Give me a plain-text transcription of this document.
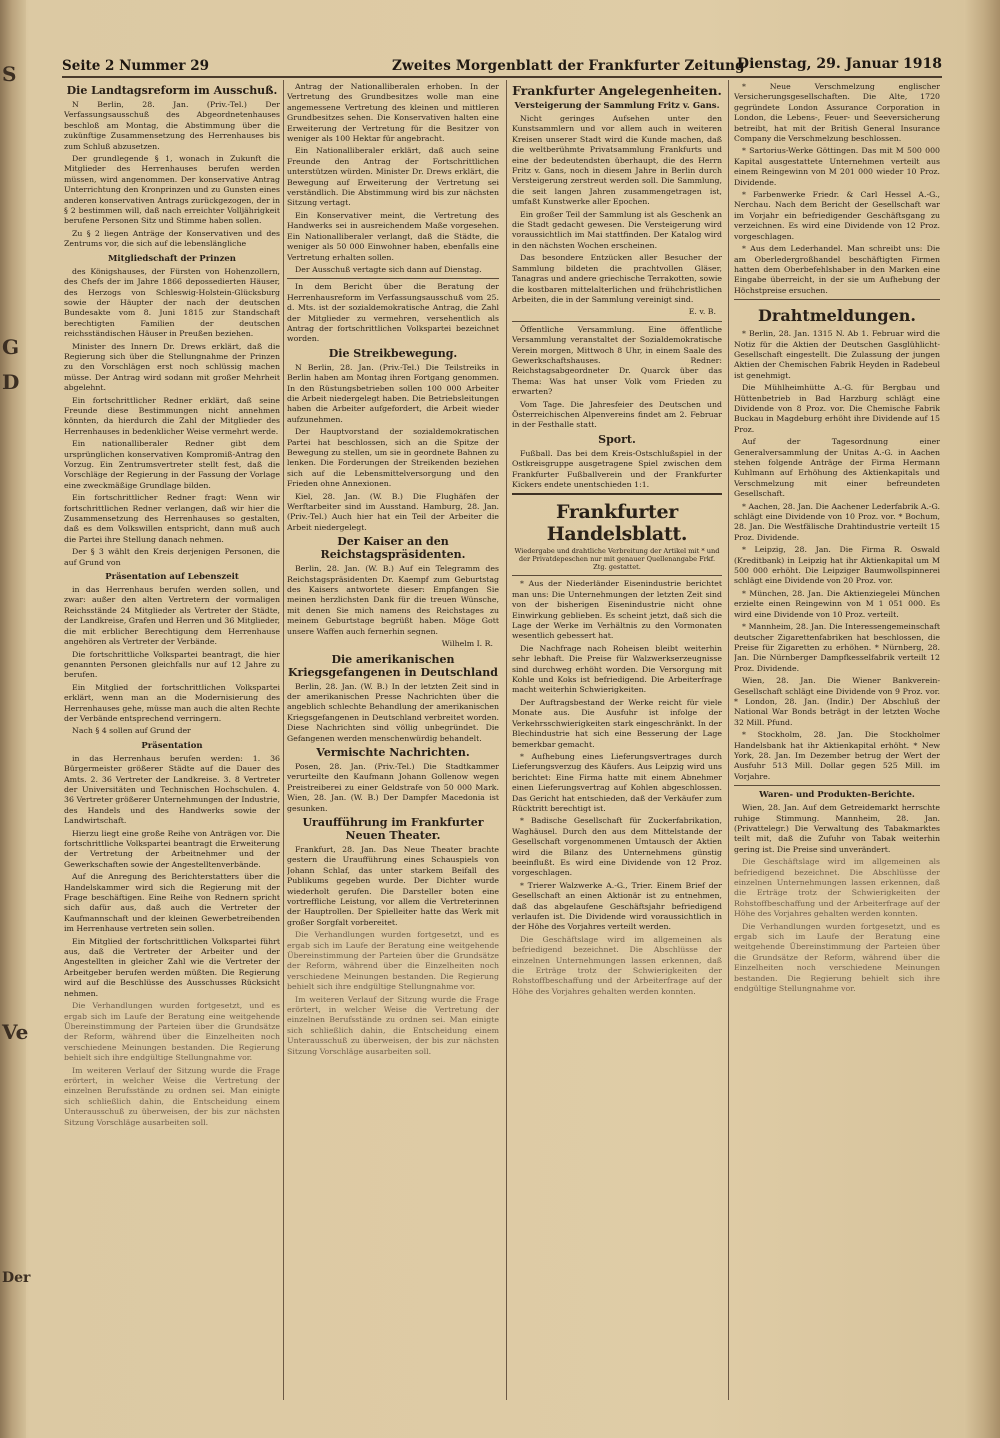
S
G
D
Ve
Der
Seite 2 Nummer 29	Zweites Morgenblatt der Frankfurter Zeitung
Dienstag, 29. Januar 1918
Die Landtagsreform im Ausschuß.

N Berlin, 28. Jan. (Priv.-Tel.) Der Verfassungsausschuß des Abgeordnetenhauses beschloß am Montag, die Abstimmung über die zukünftige Zusammensetzung des Herrenhauses bis zum Schluß abzusetzen.

Der grundlegende § 1, wonach in Zukunft die Mitglieder des Herrenhauses berufen werden müssen, wird angenommen. Der konservative Antrag Unterrichtung den Kronprinzen und zu Gunsten eines anderen konservativen Antrags zurückgezogen, der in § 2 bestimmen will, daß nach erreichter Volljährigkeit berufene Personen Sitz und Stimme haben sollen.

Zu § 2 liegen Anträge der Konservativen und des Zentrums vor, die sich auf die lebenslängliche

Mitgliedschaft der Prinzen

des Königshauses, der Fürsten von Hohenzollern, des Chefs der im Jahre 1866 depossedierten Häuser, des Herzogs von Schleswig-Holstein-Glücksburg sowie der Häupter der nach der deutschen Bundesakte vom 8. Juni 1815 zur Standschaft berechtigten Familien der deutschen reichsständischen Häuser in Preußen beziehen.

Minister des Innern Dr. Drews erklärt, daß die Regierung sich über die Stellungnahme der Prinzen zu den Vorschlägen erst noch schlüssig machen müsse. Der Antrag wird sodann mit großer Mehrheit abgelehnt.

Ein fortschrittlicher Redner erklärt, daß seine Freunde diese Bestimmungen nicht annehmen könnten, da hierdurch die Zahl der Mitglieder des Herrenhauses in bedenklicher Weise vermehrt werde.

Ein nationalliberaler Redner gibt dem ursprünglichen konservativen Kompromiß-Antrag den Vorzug. Ein Zentrumsvertreter stellt fest, daß die Vorschläge der Regierung in der Fassung der Vorlage eine zweckmäßige Grundlage bilden.

Ein fortschrittlicher Redner fragt: Wenn wir fortschrittlichen Redner verlangen, daß wir hier die Zusammensetzung des Herrenhauses so gestalten, daß es dem Volkswillen entspricht, dann muß auch die Partei ihre Stellung danach nehmen.

Der § 3 wählt den Kreis derjenigen Personen, die auf Grund von

Präsentation auf Lebenszeit

in das Herrenhaus berufen werden sollen, und zwar: außer den alten Vertretern der vormaligen Reichsstände 24 Mitglieder als Vertreter der Städte, der Landkreise, Grafen und Herren und 36 Mitglieder, die mit erblicher Berechtigung dem Herrenhause angehören als Vertreter der Verbände.

Die fortschrittliche Volkspartei beantragt, die hier genannten Personen gleichfalls nur auf 12 Jahre zu berufen.

Ein Mitglied der fortschrittlichen Volkspartei erklärt, wenn man an die Modernisierung des Herrenhauses gehe, müsse man auch die alten Rechte der Verbände entsprechend verringern.

Nach § 4 sollen auf Grund der

Präsentation

in das Herrenhaus berufen werden: 1. 36 Bürgermeister größerer Städte auf die Dauer des Amts. 2. 36 Vertreter der Landkreise. 3. 8 Vertreter der Universitäten und Technischen Hochschulen. 4. 36 Vertreter größerer Unternehmungen der Industrie, des Handels und des Handwerks sowie der Landwirtschaft.

Hierzu liegt eine große Reihe von Anträgen vor. Die fortschrittliche Volkspartei beantragt die Erweiterung der Vertretung der Arbeitnehmer und der Gewerkschaften sowie der Angestelltenverbände.

Auf die Anregung des Berichterstatters über die Handelskammer wird sich die Regierung mit der Frage beschäftigen. Eine Reihe von Rednern spricht sich dafür aus, daß auch die Vertreter der Kaufmannschaft und der kleinen Gewerbetreibenden im Herrenhause vertreten sein sollen.

Ein Mitglied der fortschrittlichen Volkspartei führt aus, daß die Vertreter der Arbeiter und der Angestellten in gleicher Zahl wie die Vertreter der Arbeitgeber berufen werden müßten. Die Regierung wird auf die Beschlüsse des Ausschusses Rücksicht nehmen.

Die Verhandlungen wurden fortgesetzt, und es ergab sich im Laufe der Beratung eine weitgehende Übereinstimmung der Parteien über die Grundsätze der Reform, während über die Einzelheiten noch verschiedene Meinungen bestanden. Die Regierung behielt sich ihre endgültige Stellungnahme vor.

Im weiteren Verlauf der Sitzung wurde die Frage erörtert, in welcher Weise die Vertretung der einzelnen Berufsstände zu ordnen sei. Man einigte sich schließlich dahin, die Entscheidung einem Unterausschuß zu überweisen, der bis zur nächsten Sitzung Vorschläge ausarbeiten soll.

Antrag der Nationalliberalen erhoben. In der Vertretung des Grundbesitzes wolle man eine angemessene Vertretung des kleinen und mittleren Grundbesitzes sehen. Die Konservativen halten eine Erweiterung der Vertretung für die Besitzer von weniger als 100 Hektar für angebracht.

Ein Nationalliberaler erklärt, daß auch seine Freunde den Antrag der Fortschrittlichen unterstützen würden. Minister Dr. Drews erklärt, die Bewegung auf Erweiterung der Vertretung sei verständlich. Die Abstimmung wird bis zur nächsten Sitzung vertagt.

Ein Konservativer meint, die Vertretung des Handwerks sei in ausreichendem Maße vorgesehen. Ein Nationalliberaler verlangt, daß die Städte, die weniger als 50 000 Einwohner haben, ebenfalls eine Vertretung erhalten sollen.

Der Ausschuß vertagte sich dann auf Dienstag.

In dem Bericht über die Beratung der Herrenhausreform im Verfassungsausschuß vom 25. d. Mts. ist der sozialdemokratische Antrag, die Zahl der Mitglieder zu vermehren, versehentlich als Antrag der fortschrittlichen Volkspartei bezeichnet worden.

Die Streikbewegung.

N Berlin, 28. Jan. (Priv.-Tel.) Die Teilstreiks in Berlin haben am Montag ihren Fortgang genommen. In den Rüstungsbetrieben sollen 100 000 Arbeiter die Arbeit niedergelegt haben. Die Betriebsleitungen haben die Arbeiter aufgefordert, die Arbeit wieder aufzunehmen.

Der Hauptvorstand der sozialdemokratischen Partei hat beschlossen, sich an die Spitze der Bewegung zu stellen, um sie in geordnete Bahnen zu lenken. Die Forderungen der Streikenden beziehen sich auf die Lebensmittelversorgung und den Frieden ohne Annexionen.

Kiel, 28. Jan. (W. B.) Die Flughäfen der Werftarbeiter sind im Ausstand. Hamburg, 28. Jan. (Priv.-Tel.) Auch hier hat ein Teil der Arbeiter die Arbeit niedergelegt.

Der Kaiser an den Reichstagspräsidenten.

Berlin, 28. Jan. (W. B.) Auf ein Telegramm des Reichstagspräsidenten Dr. Kaempf zum Geburtstag des Kaisers antwortete dieser: Empfangen Sie meinen herzlichsten Dank für die treuen Wünsche, mit denen Sie mich namens des Reichstages zu meinem Geburtstage begrüßt haben. Möge Gott unsere Waffen auch fernerhin segnen.

Wilhelm I. R.
Die amerikanischen Kriegsgefangenen in Deutschland

Berlin, 28. Jan. (W. B.) In der letzten Zeit sind in der amerikanischen Presse Nachrichten über die angeblich schlechte Behandlung der amerikanischen Kriegsgefangenen in Deutschland verbreitet worden. Diese Nachrichten sind völlig unbegründet. Die Gefangenen werden menschenwürdig behandelt.

Vermischte Nachrichten.

Posen, 28. Jan. (Priv.-Tel.) Die Stadtkammer verurteilte den Kaufmann Johann Gollenow wegen Preistreiberei zu einer Geldstrafe von 50 000 Mark. Wien, 28. Jan. (W. B.) Der Dampfer Macedonia ist gesunken.

Uraufführung im Frankfurter Neuen Theater.

Frankfurt, 28. Jan. Das Neue Theater brachte gestern die Uraufführung eines Schauspiels von Johann Schlaf, das unter starkem Beifall des Publikums gegeben wurde. Der Dichter wurde wiederholt gerufen. Die Darsteller boten eine vortreffliche Leistung, vor allem die Vertreterinnen der Hauptrollen. Der Spielleiter hatte das Werk mit großer Sorgfalt vorbereitet.

Die Verhandlungen wurden fortgesetzt, und es ergab sich im Laufe der Beratung eine weitgehende Übereinstimmung der Parteien über die Grundsätze der Reform, während über die Einzelheiten noch verschiedene Meinungen bestanden. Die Regierung behielt sich ihre endgültige Stellungnahme vor.

Im weiteren Verlauf der Sitzung wurde die Frage erörtert, in welcher Weise die Vertretung der einzelnen Berufsstände zu ordnen sei. Man einigte sich schließlich dahin, die Entscheidung einem Unterausschuß zu überweisen, der bis zur nächsten Sitzung Vorschläge ausarbeiten soll.

Frankfurter Angelegenheiten.
Versteigerung der Sammlung Fritz v. Gans.

Nicht geringes Aufsehen unter den Kunstsammlern und vor allem auch in weiteren Kreisen unserer Stadt wird die Kunde machen, daß die weltberühmte Privatsammlung Frankfurts und eine der bedeutendsten überhaupt, die des Herrn Fritz v. Gans, noch in diesem Jahre in Berlin durch Versteigerung zerstreut werden soll. Die Sammlung, die seit langen Jahren zusammengetragen ist, umfaßt Kunstwerke aller Epochen.

Ein großer Teil der Sammlung ist als Geschenk an die Stadt gedacht gewesen. Die Versteigerung wird voraussichtlich im Mai stattfinden. Der Katalog wird in den nächsten Wochen erscheinen.

Das besondere Entzücken aller Besucher der Sammlung bildeten die prachtvollen Gläser, Tanagras und andere griechische Terrakotten, sowie die kostbaren mittelalterlichen und frühchristlichen Arbeiten, die in der Sammlung vereinigt sind.

E. v. B.

Öffentliche Versammlung. Eine öffentliche Versammlung veranstaltet der Sozialdemokratische Verein morgen, Mittwoch 8 Uhr, in einem Saale des Gewerkschaftshauses. Redner: Reichstagsabgeordneter Dr. Quarck über das Thema: Was hat unser Volk vom Frieden zu erwarten?

Vom Tage. Die Jahresfeier des Deutschen und Österreichischen Alpenvereins findet am 2. Februar in der Festhalle statt.

Sport.

Fußball. Das bei dem Kreis-Ostschlußspiel in der Ostkreisgruppe ausgetragene Spiel zwischen dem Frankfurter Fußballverein und der Frankfurter Kickers endete unentschieden 1:1.

Frankfurter Handelsblatt.
Wiedergabe und drahtliche Verbreitung der Artikel mit * und der Privatdepeschen nur mit genauer Quellenangabe Frkf. Ztg. gestattet.

* Aus der Niederländer Eisenindustrie berichtet man uns: Die Unternehmungen der letzten Zeit sind von der bisherigen Eisenindustrie nicht ohne Einwirkung geblieben. Es scheint jetzt, daß sich die Lage der Werke im Verhältnis zu den Vormonaten wesentlich gebessert hat.

Die Nachfrage nach Roheisen bleibt weiterhin sehr lebhaft. Die Preise für Walzwerkserzeugnisse sind durchweg erhöht worden. Die Versorgung mit Kohle und Koks ist befriedigend. Die Arbeiterfrage macht weiterhin Schwierigkeiten.

Der Auftragsbestand der Werke reicht für viele Monate aus. Die Ausfuhr ist infolge der Verkehrsschwierigkeiten stark eingeschränkt. In der Blechindustrie hat sich eine Besserung der Lage bemerkbar gemacht.

* Aufhebung eines Lieferungsvertrages durch Lieferungsverzug des Käufers. Aus Leipzig wird uns berichtet: Eine Firma hatte mit einem Abnehmer einen Lieferungsvertrag auf Kohlen abgeschlossen. Das Gericht hat entschieden, daß der Verkäufer zum Rücktritt berechtigt ist.

* Badische Gesellschaft für Zuckerfabrikation, Waghäusel. Durch den aus dem Mittelstande der Gesellschaft vorgenommenen Umtausch der Aktien wird die Bilanz des Unternehmens günstig beeinflußt. Es wird eine Dividende von 12 Proz. vorgeschlagen.

* Trierer Walzwerke A.-G., Trier. Einem Brief der Gesellschaft an einen Aktionär ist zu entnehmen, daß das abgelaufene Geschäftsjahr befriedigend verlaufen ist. Die Dividende wird voraussichtlich in der Höhe des Vorjahres verteilt werden.

Die Geschäftslage wird im allgemeinen als befriedigend bezeichnet. Die Abschlüsse der einzelnen Unternehmungen lassen erkennen, daß die Erträge trotz der Schwierigkeiten der Rohstoffbeschaffung und der Arbeiterfrage auf der Höhe des Vorjahres gehalten werden konnten.

* Neue Verschmelzung englischer Versicherungsgesellschaften. Die Alte, 1720 gegründete London Assurance Corporation in London, die Lebens-, Feuer- und Seeversicherung betreibt, hat mit der British General Insurance Company die Verschmelzung beschlossen.

* Sartorius-Werke Göttingen. Das mit M 500 000 Kapital ausgestattete Unternehmen verteilt aus einem Reingewinn von M 201 000 wieder 10 Proz. Dividende.

* Farbenwerke Friedr. & Carl Hessel A.-G., Nerchau. Nach dem Bericht der Gesellschaft war im Vorjahr ein befriedigender Geschäftsgang zu verzeichnen. Es wird eine Dividende von 12 Proz. vorgeschlagen.

* Aus dem Lederhandel. Man schreibt uns: Die am Oberledergroßhandel beschäftigten Firmen hatten dem Oberbefehlshaber in den Marken eine Eingabe überreicht, in der sie um Aufhebung der Höchstpreise ersuchen.

Drahtmeldungen.

* Berlin, 28. Jan. 1315 N. Ab 1. Februar wird die Notiz für die Aktien der Deutschen Gasglühlicht-Gesellschaft eingestellt. Die Zulassung der jungen Aktien der Chemischen Fabrik Heyden in Radebeul ist genehmigt.

Die Mühlheimhütte A.-G. für Bergbau und Hüttenbetrieb in Bad Harzburg schlägt eine Dividende von 8 Proz. vor. Die Chemische Fabrik Buckau in Magdeburg erhöht ihre Dividende auf 15 Proz.

Auf der Tagesordnung einer Generalversammlung der Unitas A.-G. in Aachen stehen folgende Anträge der Firma Hermann Kuhlmann auf Erhöhung des Aktienkapitals und Verschmelzung mit einer befreundeten Gesellschaft.

* Aachen, 28. Jan. Die Aachener Lederfabrik A.-G. schlägt eine Dividende von 10 Proz. vor. * Bochum, 28. Jan. Die Westfälische Drahtindustrie verteilt 15 Proz. Dividende.

* Leipzig, 28. Jan. Die Firma R. Oswald (Kreditbank) in Leipzig hat ihr Aktienkapital um M 500 000 erhöht. Die Leipziger Baumwollspinnerei schlägt eine Dividende von 20 Proz. vor.

* München, 28. Jan. Die Aktienziegelei München erzielte einen Reingewinn von M 1 051 000. Es wird eine Dividende von 10 Proz. verteilt.

* Mannheim, 28. Jan. Die Interessengemeinschaft deutscher Zigarettenfabriken hat beschlossen, die Preise für Zigaretten zu erhöhen. * Nürnberg, 28. Jan. Die Nürnberger Dampfkesselfabrik verteilt 12 Proz. Dividende.

Wien, 28. Jan. Die Wiener Bankverein-Gesellschaft schlägt eine Dividende von 9 Proz. vor. * London, 28. Jan. (Indir.) Der Abschluß der National War Bonds beträgt in der letzten Woche 32 Mill. Pfund.

* Stockholm, 28. Jan. Die Stockholmer Handelsbank hat ihr Aktienkapital erhöht. * New York, 28. Jan. Im Dezember betrug der Wert der Ausfuhr 513 Mill. Dollar gegen 525 Mill. im Vorjahre.

Waren- und Produkten-Berichte.

Wien, 28. Jan. Auf dem Getreidemarkt herrschte ruhige Stimmung. Mannheim, 28. Jan. (Privattelegr.) Die Verwaltung des Tabakmarktes teilt mit, daß die Zufuhr von Tabak weiterhin gering ist. Die Preise sind unverändert.

Die Geschäftslage wird im allgemeinen als befriedigend bezeichnet. Die Abschlüsse der einzelnen Unternehmungen lassen erkennen, daß die Erträge trotz der Schwierigkeiten der Rohstoffbeschaffung und der Arbeiterfrage auf der Höhe des Vorjahres gehalten werden konnten.

Die Verhandlungen wurden fortgesetzt, und es ergab sich im Laufe der Beratung eine weitgehende Übereinstimmung der Parteien über die Grundsätze der Reform, während über die Einzelheiten noch verschiedene Meinungen bestanden. Die Regierung behielt sich ihre endgültige Stellungnahme vor.
